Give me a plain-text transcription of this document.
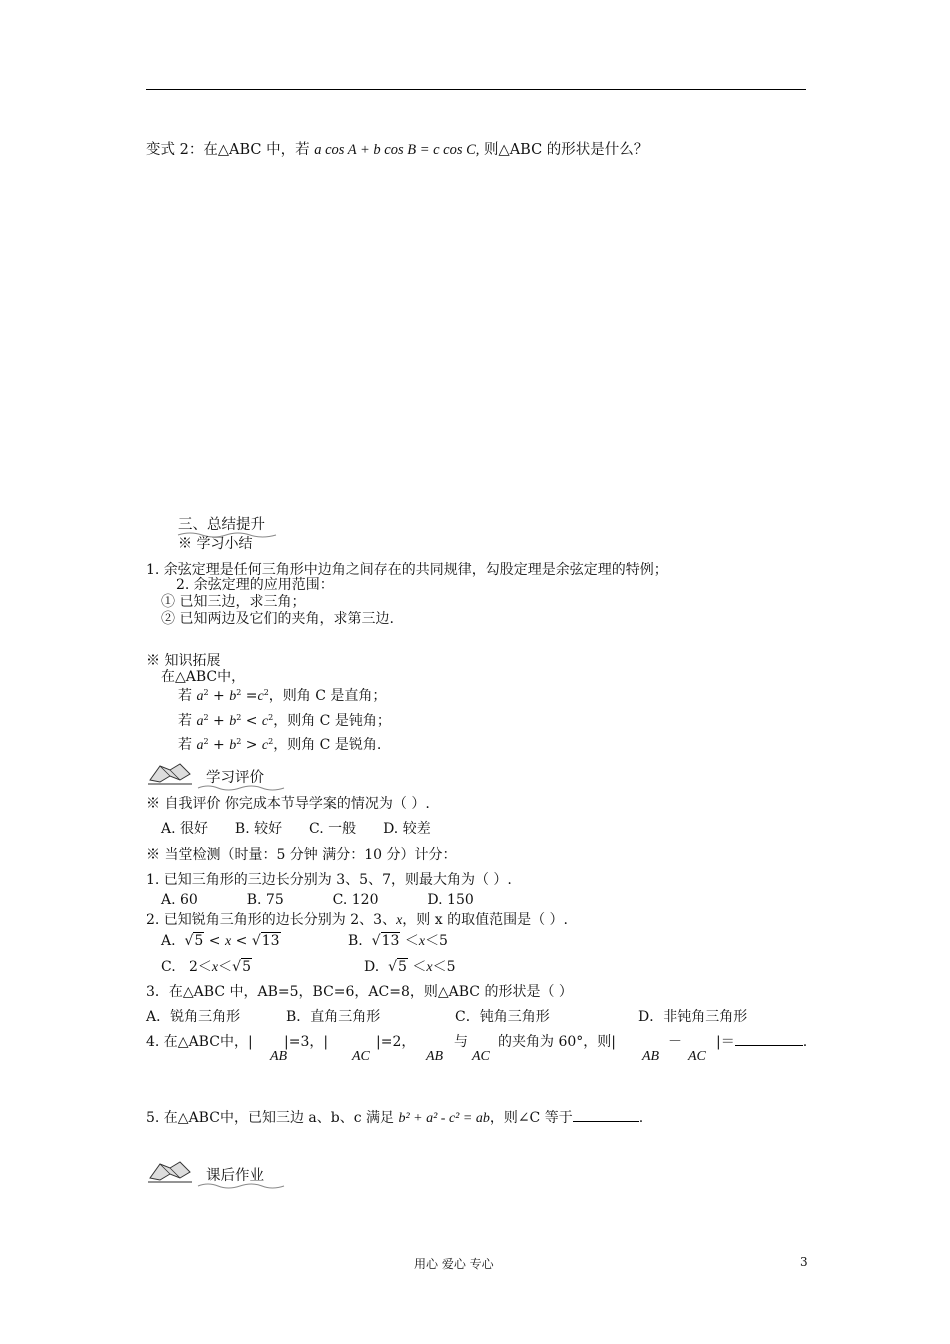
变式 2：在△ABC 中，若 a cos A + b cos B = c cos C, 则△ABC 的形状是什么？
三、总结提升
※ 学习小结
1. 余弦定理是任何三角形中边角之间存在的共同规律，勾股定理是余弦定理的特例；
2. 余弦定理的应用范围：
① 已知三边，求三角；
② 已知两边及它们的夹角，求第三边.
※ 知识拓展
在△ABC中，
若 $a^2 + b^2 =c^2$，则角 C 是直角；
若 $a^2 + b^2 < c^2$，则角 C 是钝角；
若 $a^2 + b^2 > c^2$，则角 C 是锐角.
学习评价
※ 自我评价 你完成本节导学案的情况为（ ）.
A. 很好 B. 较好 C. 一般 D. 较差
※ 当堂检测（时量：5 分钟 满分：10 分）计分：
1. 已知三角形的三边长分别为 3、5、7，则最大角为（ ）.
A. 60	B. 75	C. 120	D. 150
2. 已知锐角三角形的边长分别为 2、3、x，则 x 的取值范围是（ ）.
A.  √5 < x < √13	B.  √13 ＜x＜5
C.   2＜x＜√5	D.  √5 ＜x＜5
3．在△ABC 中，AB=5，BC=6，AC=8，则△ABC 的形状是（ ）
A．锐角三角形	B．直角三角形	C．钝角三角形	D．非钝角三角形
4. 在△ABC中，| |=3，|	|=2，	与 的夹角为 60°，则|	－ |＝	.
AB	AC	AB AC	AB AC
5. 在△ABC中，已知三边 a、b、c 满足 b² + a² - c² = ab，则∠C 等于	.
课后作业
用心 爱心 专心	3
